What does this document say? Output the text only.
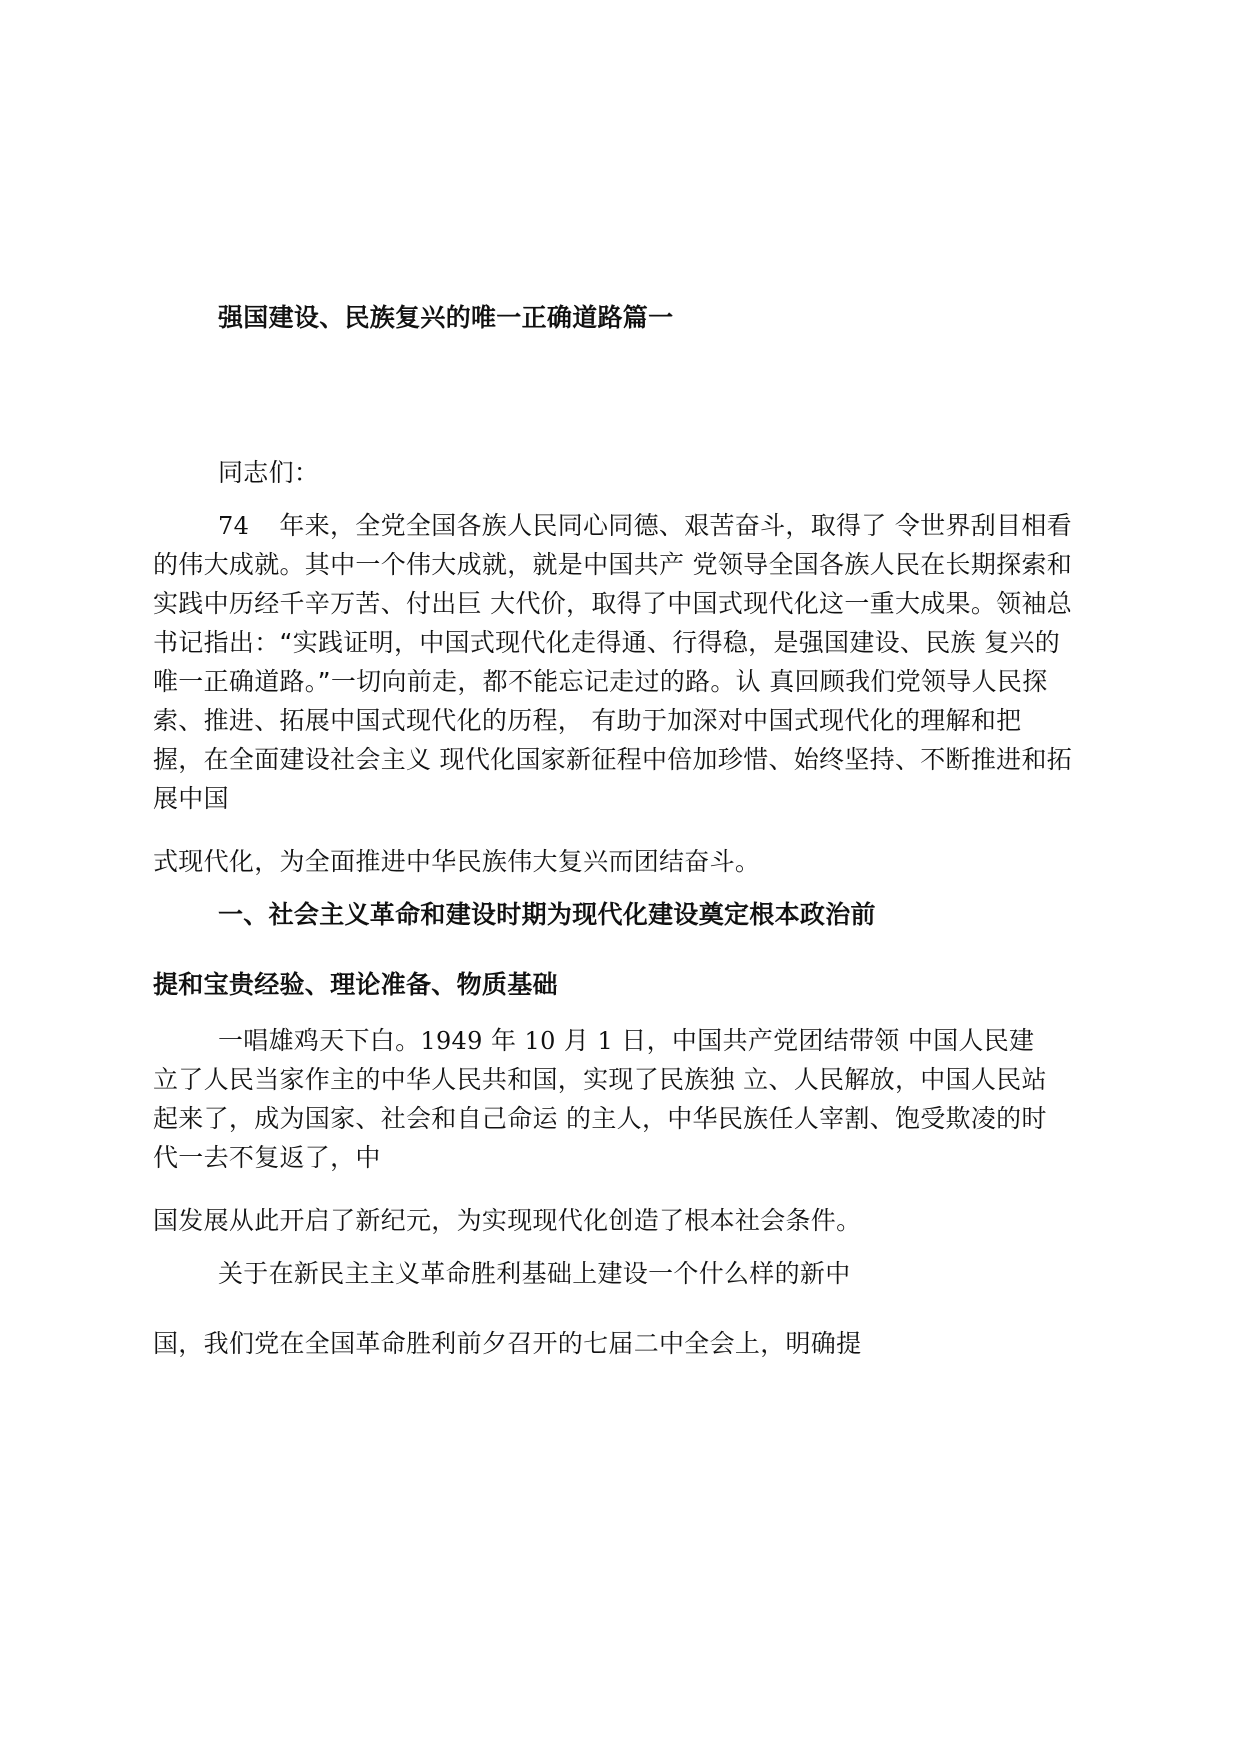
强国建设、民族复兴的唯一正确道路篇一
同志们：
74 年来，全党全国各族人民同心同德、艰苦奋斗，取得了 令世界刮目相看
的伟大成就。其中一个伟大成就，就是中国共产 党领导全国各族人民在长期探索和
实践中历经千辛万苦、付出巨 大代价，取得了中国式现代化这一重大成果。领袖总
书记指出：“实践证明，中国式现代化走得通、行得稳，是强国建设、民族 复兴的
唯一正确道路。”一切向前走，都不能忘记走过的路。认 真回顾我们党领导人民探
索、推进、拓展中国式现代化的历程， 有助于加深对中国式现代化的理解和把
握，在全面建设社会主义 现代化国家新征程中倍加珍惜、始终坚持、不断推进和拓
展中国
式现代化，为全面推进中华民族伟大复兴而团结奋斗。
一、社会主义革命和建设时期为现代化建设奠定根本政治前
提和宝贵经验、理论准备、物质基础
一唱雄鸡天下白。1949 年 10 月 1 日，中国共产党团结带领 中国人民建
立了人民当家作主的中华人民共和国，实现了民族独 立、人民解放，中国人民站
起来了，成为国家、社会和自己命运 的主人，中华民族任人宰割、饱受欺凌的时
代一去不复返了，中
国发展从此开启了新纪元，为实现现代化创造了根本社会条件。
关于在新民主主义革命胜利基础上建设一个什么样的新中
国，我们党在全国革命胜利前夕召开的七届二中全会上，明确提
